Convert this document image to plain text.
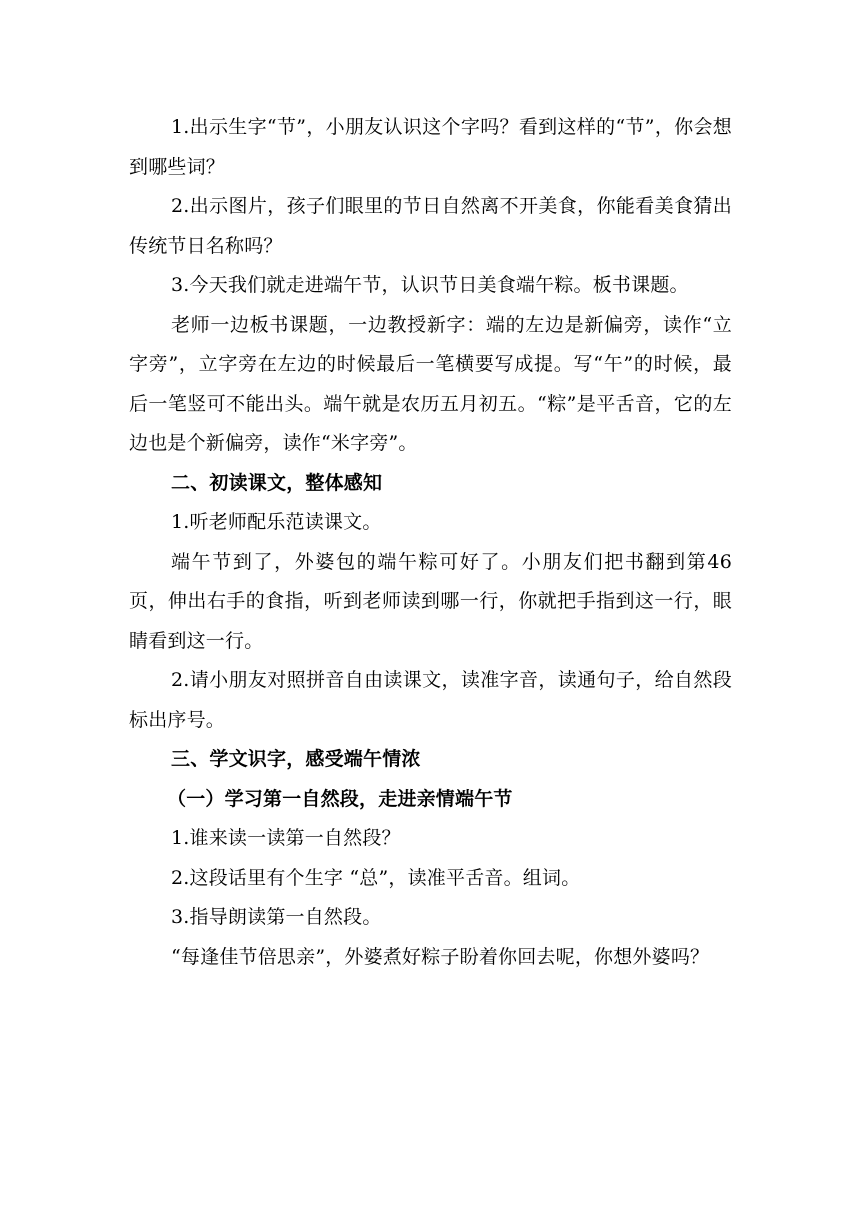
1.出示生字“节”，小朋友认识这个字吗？看到这样的“节”，你会想到哪些词？

2.出示图片，孩子们眼里的节日自然离不开美食，你能看美食猜出传统节日名称吗？

3.今天我们就走进端午节，认识节日美食端午粽。板书课题。

老师一边板书课题，一边教授新字：端的左边是新偏旁，读作“立字旁”，立字旁在左边的时候最后一笔横要写成提。写“午”的时候，最后一笔竖可不能出头。端午就是农历五月初五。“粽”是平舌音，它的左边也是个新偏旁，读作“米字旁”。

二、初读课文，整体感知

1.听老师配乐范读课文。

端午节到了，外婆包的端午粽可好了。小朋友们把书翻到第46页，伸出右手的食指，听到老师读到哪一行，你就把手指到这一行，眼睛看到这一行。

2.请小朋友对照拼音自由读课文，读准字音，读通句子，给自然段标出序号。

三、学文识字，感受端午情浓

（一）学习第一自然段，走进亲情端午节

1.谁来读一读第一自然段？

2.这段话里有个生字 “总”，读准平舌音。组词。

3.指导朗读第一自然段。

“每逢佳节倍思亲”，外婆煮好粽子盼着你回去呢，你想外婆吗？
